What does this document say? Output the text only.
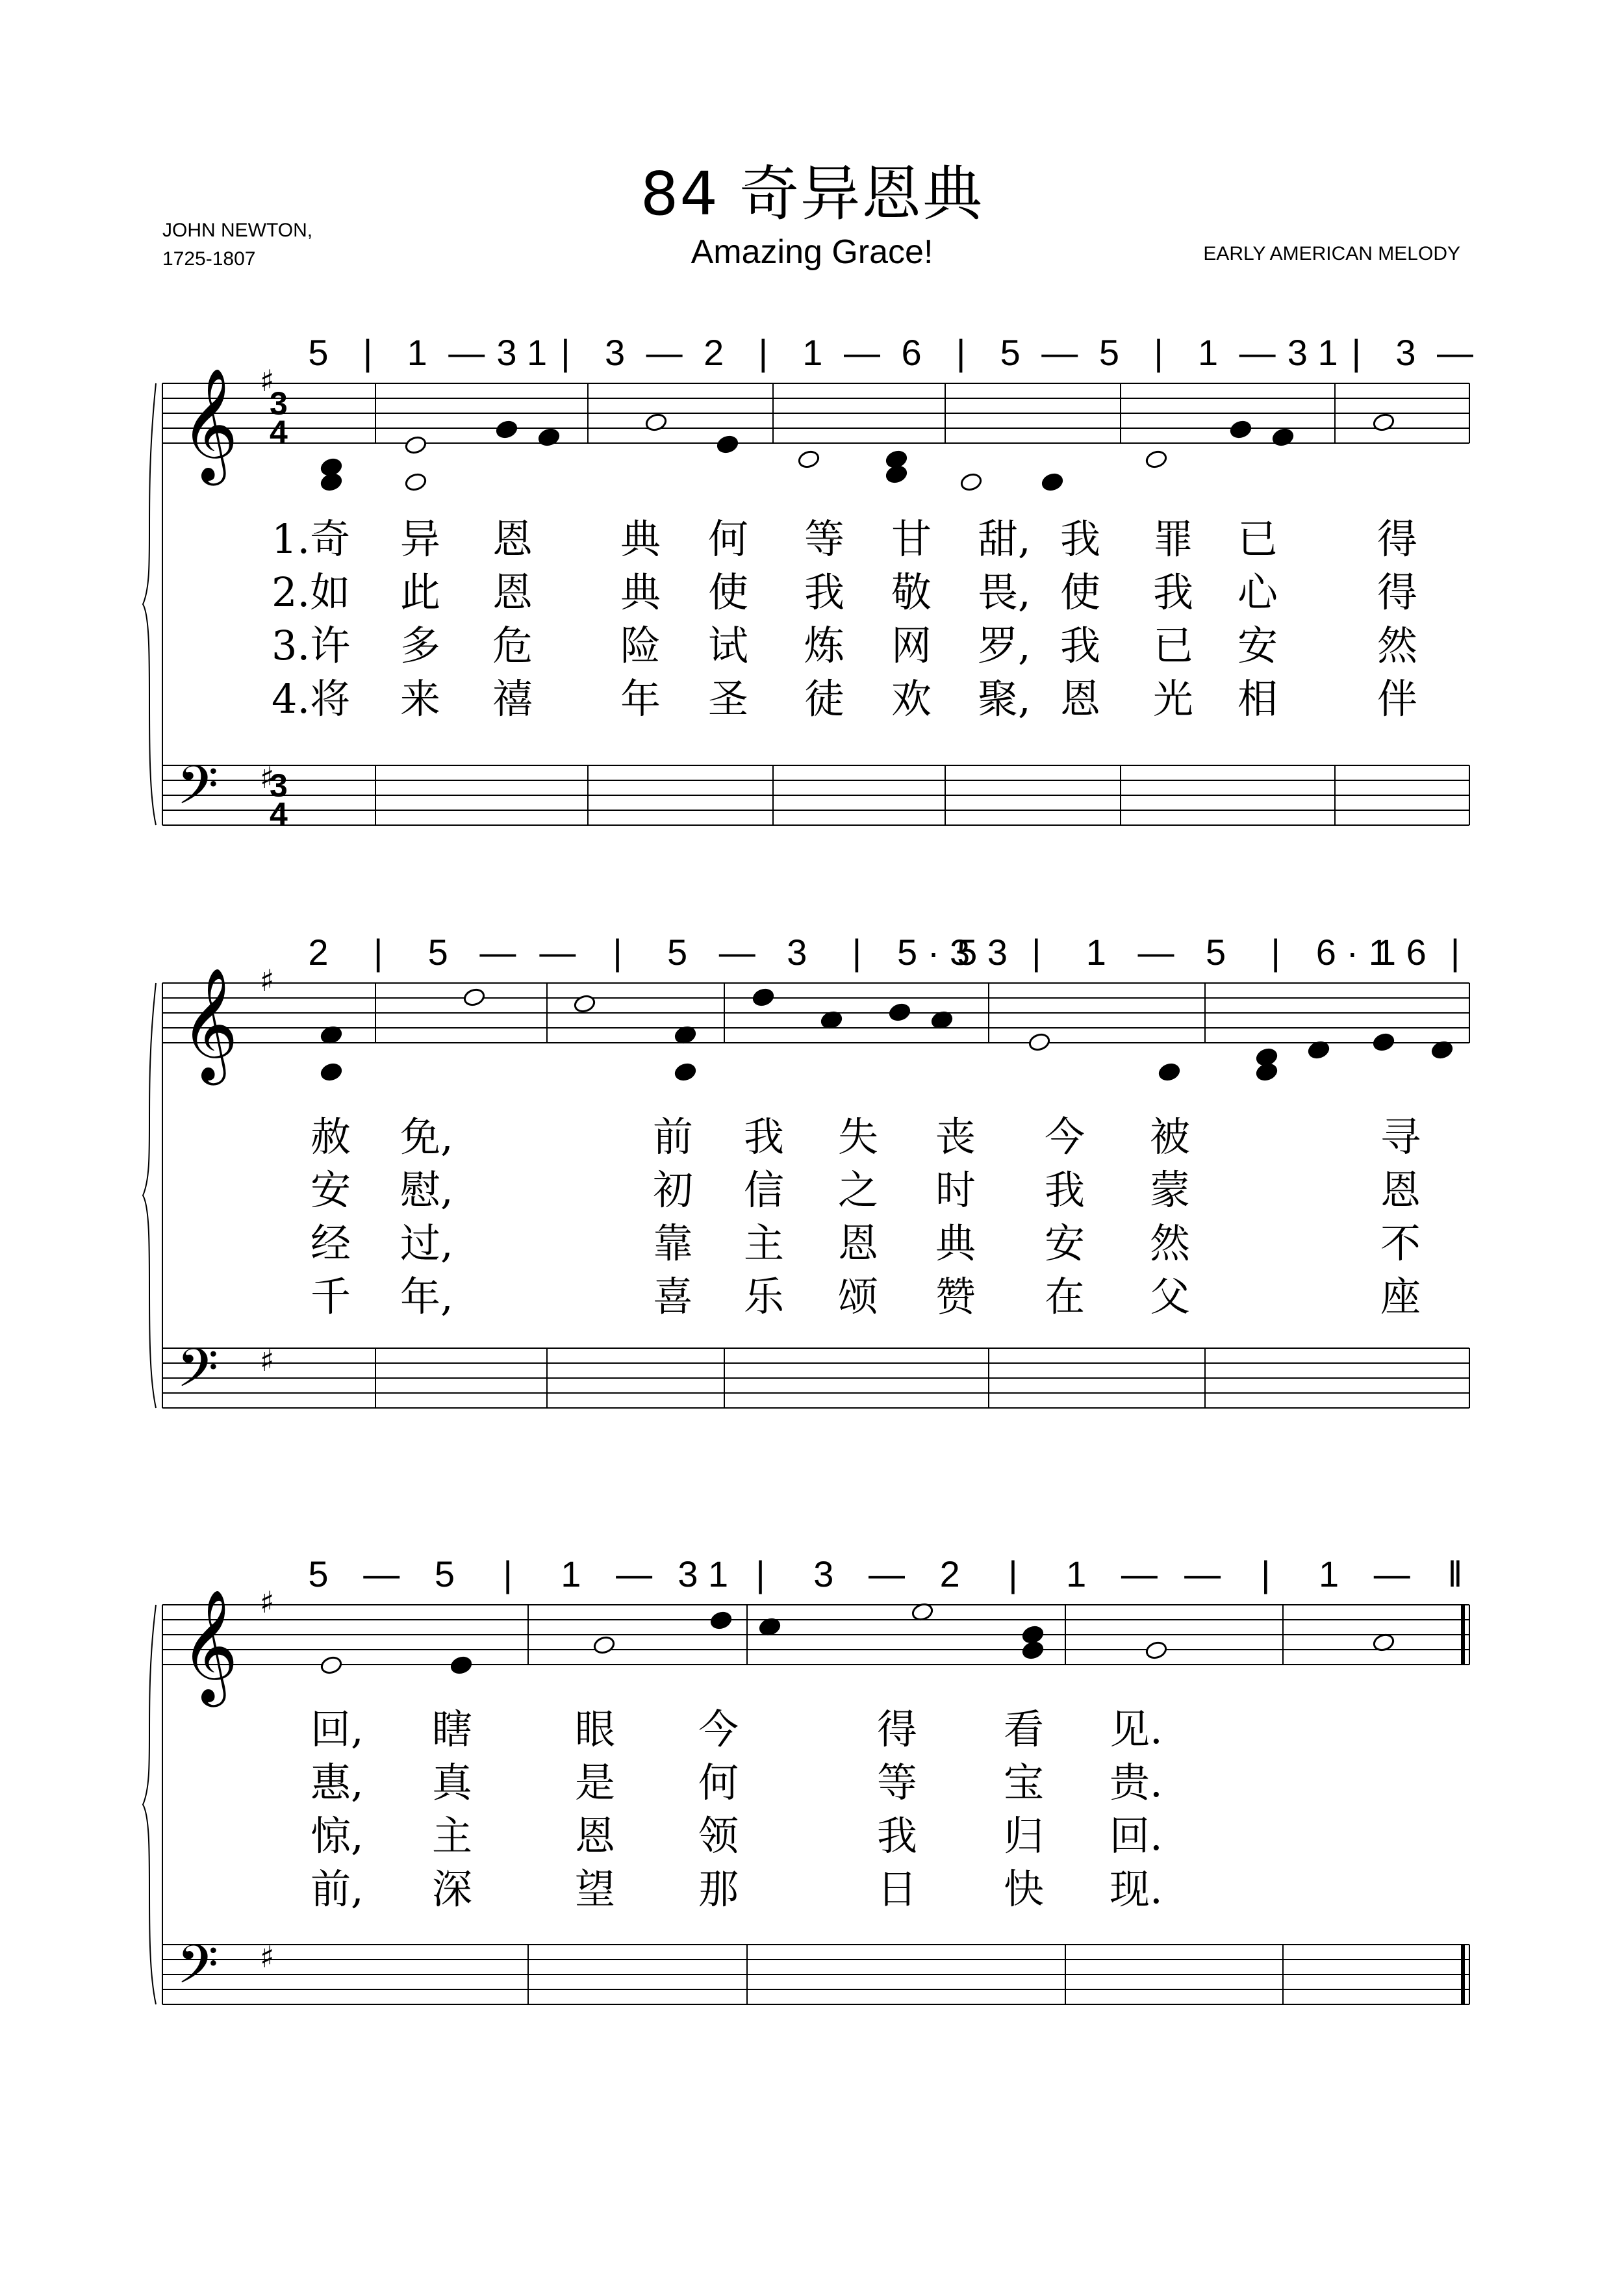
84 奇异恩典
Amazing Grace!
JOHN NEWTON,
1725-1807	EARLY AMERICAN MELODY
𝄞
𝄢
♯
♯
3
4
3
4
𝄞
𝄢
♯
♯
𝄞
𝄢
♯
♯
5 | 1 — 3 1 | 3 — 2 | 1 — 6 | 5 — 5 | 1 — 3 1 | 3 —
2	|	5 — —	|	5 — 3	| 5 · 3
5 3 |	1 — 5	| 6 · 1
1 6 |
5 — 5	|	1 — 3 1 |	3 — 2	|	1 — —	|	1 —	‖
1.奇 异 恩 典 何 等 甘 甜, 我 罪 已 得
2.如 此 恩 典 使 我 敬 畏, 使 我 心 得
3.许 多 危 险 试 炼 网 罗, 我 已 安 然
4.将 来 禧 年 圣 徒 欢 聚, 恩 光 相 伴
赦 免,	前 我 失 丧 今 被	寻
安 慰,	初 信 之 时 我 蒙	恩
经 过,	靠 主 恩 典 安 然	不
千 年,	喜 乐 颂 赞 在 父	座
回, 瞎	眼 今	得 看 见.
惠, 真	是 何	等 宝 贵.
惊, 主	恩 领	我 归 回.
前, 深	望 那	日 快 现.
